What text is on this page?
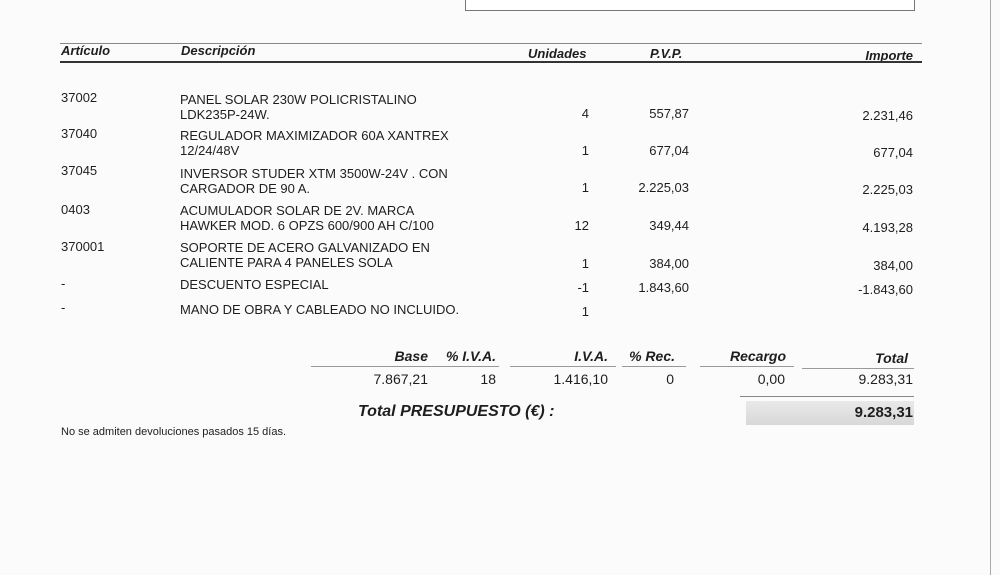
Artículo	Descripción	Unidades	P.V.P.	Importe
37002	PANEL SOLAR 230W POLICRISTALINO
LDK235P-24W.	4	557,87	2.231,46
37040	REGULADOR MAXIMIZADOR 60A XANTREX
12/24/48V	1	677,04	677,04
37045	INVERSOR STUDER XTM 3500W-24V . CON
CARGADOR DE 90 A.	1	2.225,03	2.225,03
0403	ACUMULADOR SOLAR DE 2V. MARCA
HAWKER MOD. 6 OPZS 600/900 AH C/100	12	349,44	4.193,28
370001	SOPORTE DE ACERO GALVANIZADO EN
CALIENTE PARA 4 PANELES SOLA	1	384,00	384,00
-	DESCUENTO ESPECIAL	-1	1.843,60	-1.843,60
-	MANO DE OBRA Y CABLEADO NO INCLUIDO.	1
Base	% I.V.A.	I.V.A.	% Rec.	Recargo	Total
7.867,21	18	1.416,10	0	0,00	9.283,31
Total PRESUPUESTO (€) :	9.283,31
No se admiten devoluciones pasados 15 días.
